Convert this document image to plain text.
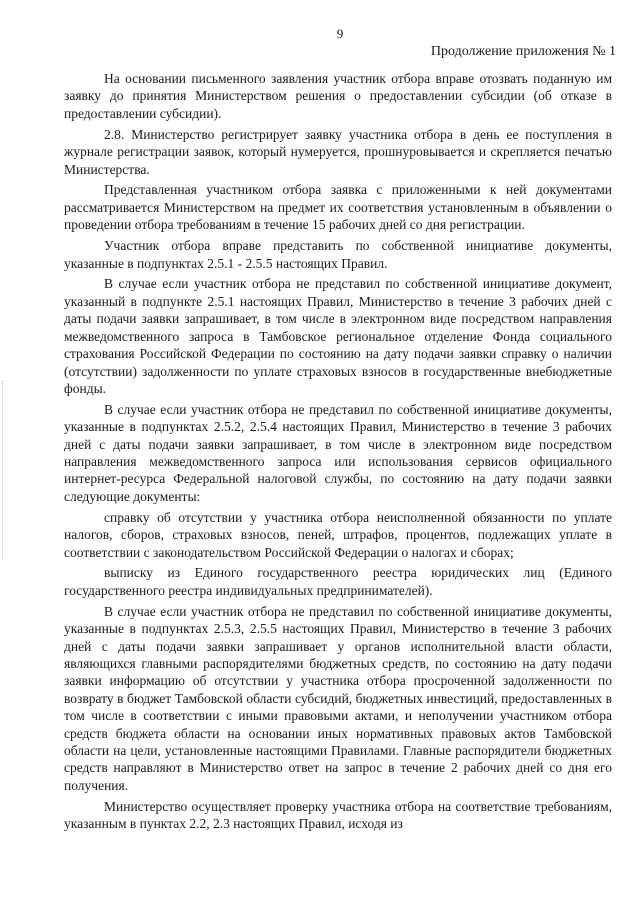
9
Продолжение приложения № 1

На основании письменного заявления участник отбора вправе отозвать поданную им заявку до принятия Министерством решения о предоставлении субсидии (об отказе в предоставлении субсидии).

2.8. Министерство регистрирует заявку участника отбора в день ее поступления в журнале регистрации заявок, который нумеруется, прошнуровывается и скрепляется печатью Министерства.

Представленная участником отбора заявка с приложенными к ней документами рассматривается Министерством на предмет их соответствия установленным в объявлении о проведении отбора требованиям в течение 15 рабочих дней со дня регистрации.

Участник отбора вправе представить по собственной инициативе документы, указанные в подпунктах 2.5.1 - 2.5.5 настоящих Правил.

В случае если участник отбора не представил по собственной инициативе документ, указанный в подпункте 2.5.1 настоящих Правил, Министерство в течение 3 рабочих дней с даты подачи заявки запрашивает, в том числе в электронном виде посредством направления межведомственного запроса в Тамбовское региональное отделение Фонда социального страхования Российской Федерации по состоянию на дату подачи заявки справку о наличии (отсутствии) задолженности по уплате страховых взносов в государственные внебюджетные фонды.

В случае если участник отбора не представил по собственной инициативе документы, указанные в подпунктах 2.5.2, 2.5.4 настоящих Правил, Министерство в течение 3 рабочих дней с даты подачи заявки запрашивает, в том числе в электронном виде посредством направления межведомственного запроса или использования сервисов официального интернет-ресурса Федеральной налоговой службы, по состоянию на дату подачи заявки следующие документы:

справку об отсутствии у участника отбора неисполненной обязанности по уплате налогов, сборов, страховых взносов, пеней, штрафов, процентов, подлежащих уплате в соответствии с законодательством Российской Федерации о налогах и сборах;

выписку из Единого государственного реестра юридических лиц (Единого государственного реестра индивидуальных предпринимателей).

В случае если участник отбора не представил по собственной инициативе документы, указанные в подпунктах 2.5.3, 2.5.5 настоящих Правил, Министерство в течение 3 рабочих дней с даты подачи заявки запрашивает у органов исполнительной власти области, являющихся главными распорядителями бюджетных средств, по состоянию на дату подачи заявки информацию об отсутствии у участника отбора просроченной задолженности по возврату в бюджет Тамбовской области субсидий, бюджетных инвестиций, предоставленных в том числе в соответствии с иными правовыми актами, и неполучении участником отбора средств бюджета области на основании иных нормативных правовых актов Тамбовской области на цели, установленные настоящими Правилами. Главные распорядители бюджетных средств направляют в Министерство ответ на запрос в течение 2 рабочих дней со дня его получения.

Министерство осуществляет проверку участника отбора на соответствие требованиям, указанным в пунктах 2.2, 2.3 настоящих Правил, исходя из
